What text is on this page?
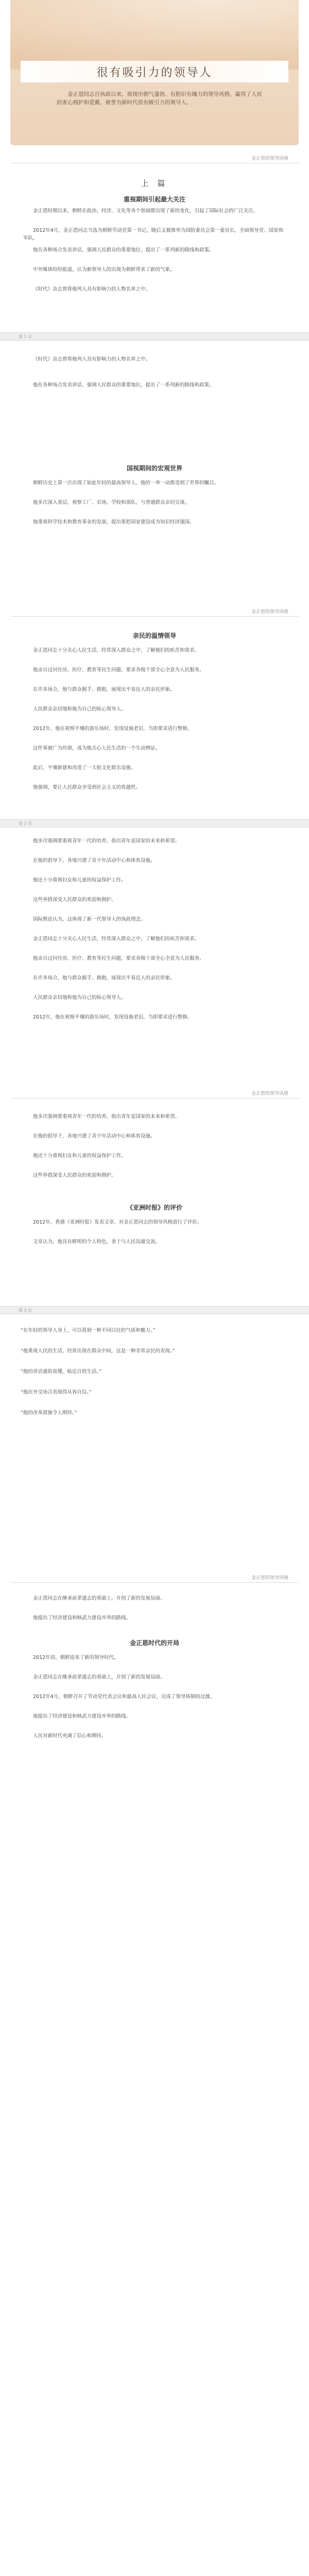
很有吸引力的领导人
金正恩同志自执政以来，展现出朝气蓬勃、有胆识有魄力的领导风格，赢得了人民的衷心拥护和爱戴，被誉为新时代很有吸引力的领导人。
金正恩的领导风格
上 篇
重视期间引起最大关注

金正恩时期以来，朝鲜在政治、经济、文化等各个领域都出现了新的变化，引起了国际社会的广泛关注。

2012年4月，金正恩同志当选为朝鲜劳动党第一书记，随后又被推举为国防委员会第一委员长，全面领导党、国家和军队。

他在各种场合发表讲话，强调人民群众的重要地位，提出了一系列新的路线和政策。

中外媒体纷纷报道，认为新领导人的出现为朝鲜带来了新的气象。

《时代》杂志曾将他列入具有影响力的人物名单之中。

第 1 页

《时代》杂志曾将他列入具有影响力的人物名单之中。

他在各种场合发表讲话，强调人民群众的重要地位，提出了一系列新的路线和政策。

国视期间的宏观世界

朝鲜历史上第一次出现了如此年轻的最高领导人，他的一举一动都受到了世界的瞩目。

他多次深入基层，视察工厂、农场、学校和部队，与普通群众亲切交谈。

他重视科学技术和教育事业的发展，提出要把国家建设成为知识经济强国。

金正恩的领导风格
亲民的温情领导

金正恩同志十分关心人民生活，经常深入群众之中，了解他们的疾苦和需求。

他亲自过问住房、医疗、教育等民生问题，要求各级干部全心全意为人民服务。

在许多场合，他与群众握手、拥抱，展现出平易近人的亲民形象。

人民群众亲切地称他为自己的贴心领导人。

2012年，他在视察平壤的游乐场时，发现设施老旧，当即要求进行整修。

这件事被广为传颂，成为他关心人民生活的一个生动例证。

此后，平壤新建和改造了一大批文化娱乐设施。

他强调，要让人民群众享受到社会主义的优越性。

第 2 页

他多次强调要重视青年一代的培养，指出青年是国家的未来和希望。

在他的倡导下，各地兴建了青少年活动中心和体育设施。

他还十分重视妇女和儿童的权益保护工作。

这些举措深受人民群众的欢迎和拥护。

国际舆论认为，这体现了新一代领导人的执政理念。

金正恩同志十分关心人民生活，经常深入群众之中，了解他们的疾苦和需求。

他亲自过问住房、医疗、教育等民生问题，要求各级干部全心全意为人民服务。

在许多场合，他与群众握手、拥抱，展现出平易近人的亲民形象。

人民群众亲切地称他为自己的贴心领导人。

2012年，他在视察平壤的游乐场时，发现设施老旧，当即要求进行整修。

金正恩的领导风格

他多次强调要重视青年一代的培养，指出青年是国家的未来和希望。

在他的倡导下，各地兴建了青少年活动中心和体育设施。

他还十分重视妇女和儿童的权益保护工作。

这些举措深受人民群众的欢迎和拥护。

《亚洲时报》的评价

2012年，香港《亚洲时报》发表文章，对金正恩同志的领导风格进行了评价。

文章认为，他具有鲜明的个人特色，善于与人民沟通交流。

第 3 页
“在年轻的领导人身上，可以看到一种不同以往的气质和魅力。”
“他重视人民的生活，经常出现在群众中间，这是一种非常亲民的表现。”
“他的讲话通俗易懂，贴近百姓生活。”
“他在外交场合表现得从容自信。”
“他的改革措施令人期待。”
金正恩的领导风格

金正恩同志在继承前辈遗志的基础上，开创了新的发展局面。

他提出了经济建设和核武力建设并举的路线。

金正恩时代的开局

2012年初，朝鲜迎来了新的领导时代。

金正恩同志在继承前辈遗志的基础上，开创了新的发展局面。

2012年4月，朝鲜召开了劳动党代表会议和最高人民会议，完成了领导体制的过渡。

他提出了经济建设和核武力建设并举的路线。

人民对新时代充满了信心和期待。
